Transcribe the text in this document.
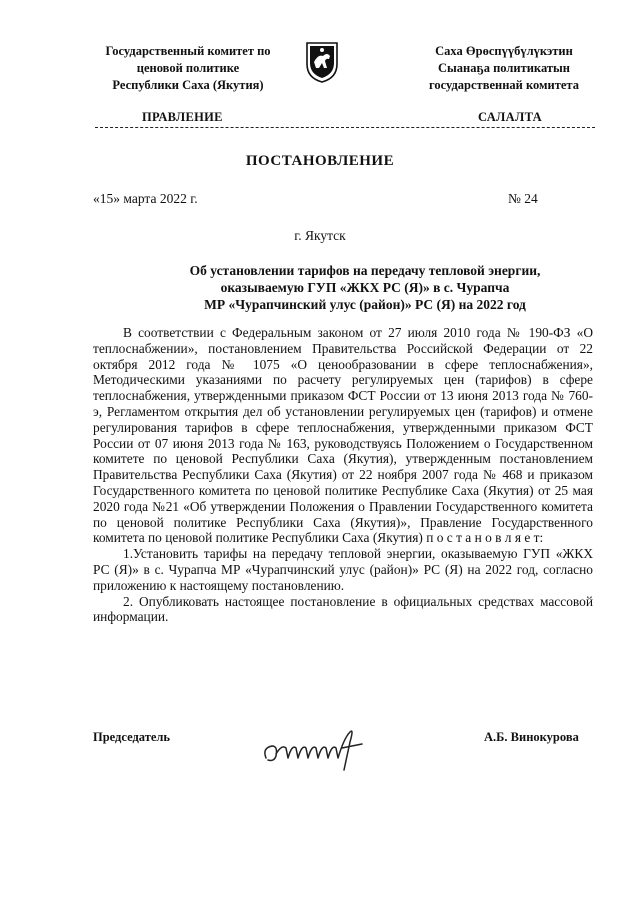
Государственный комитет по
ценовой политике
Республики Саха (Якутия)
Саха Өрөспүүбүлүкэтин
Сыанаҕа политикатын
государственнай комитета
ПРАВЛЕНИЕ	САЛАЛТА
ПОСТАНОВЛЕНИЕ
«15» марта 2022 г.	№ 24
г. Якутск
Об установлении тарифов на передачу тепловой энергии,
оказываемую ГУП «ЖКХ РС (Я)» в с. Чурапча
МР «Чурапчинский улус (район)» РС (Я) на 2022 год

В соответствии с Федеральным законом от 27 июля 2010 года № 190-ФЗ «О теплоснабжении», постановлением Правительства Российской Федерации от 22 октября 2012 года № 1075 «О ценообразовании в сфере теплоснабжения», Методическими указаниями по расчету регулируемых цен (тарифов) в сфере теплоснабжения, утвержденными приказом ФСТ России от 13 июня 2013 года № 760-э, Регламентом открытия дел об установлении регулируемых цен (тарифов) и отмене регулирования тарифов в сфере теплоснабжения, утвержденными приказом ФСТ России от 07 июня 2013 года № 163, руководствуясь Положением о Государственном комитете по ценовой Республики Саха (Якутия), утвержденным постановлением Правительства Республики Саха (Якутия) от 22 ноября 2007 года № 468 и приказом Государственного комитета по ценовой политике Республике Саха (Якутия) от 25 мая 2020 года №21 «Об утверждении Положения о Правлении Государственного комитета по ценовой политике Республики Саха (Якутия)», Правление Государственного комитета по ценовой политике Республики Саха (Якутия) п о с т а н о в л я е т:

1.Установить тарифы на передачу тепловой энергии, оказываемую ГУП «ЖКХ РС (Я)» в с. Чурапча МР «Чурапчинский улус (район)» РС (Я) на 2022 год, согласно приложению к настоящему постановлению.

2. Опубликовать настоящее постановление в официальных средствах массовой информации.

Председатель	А.Б. Винокурова
